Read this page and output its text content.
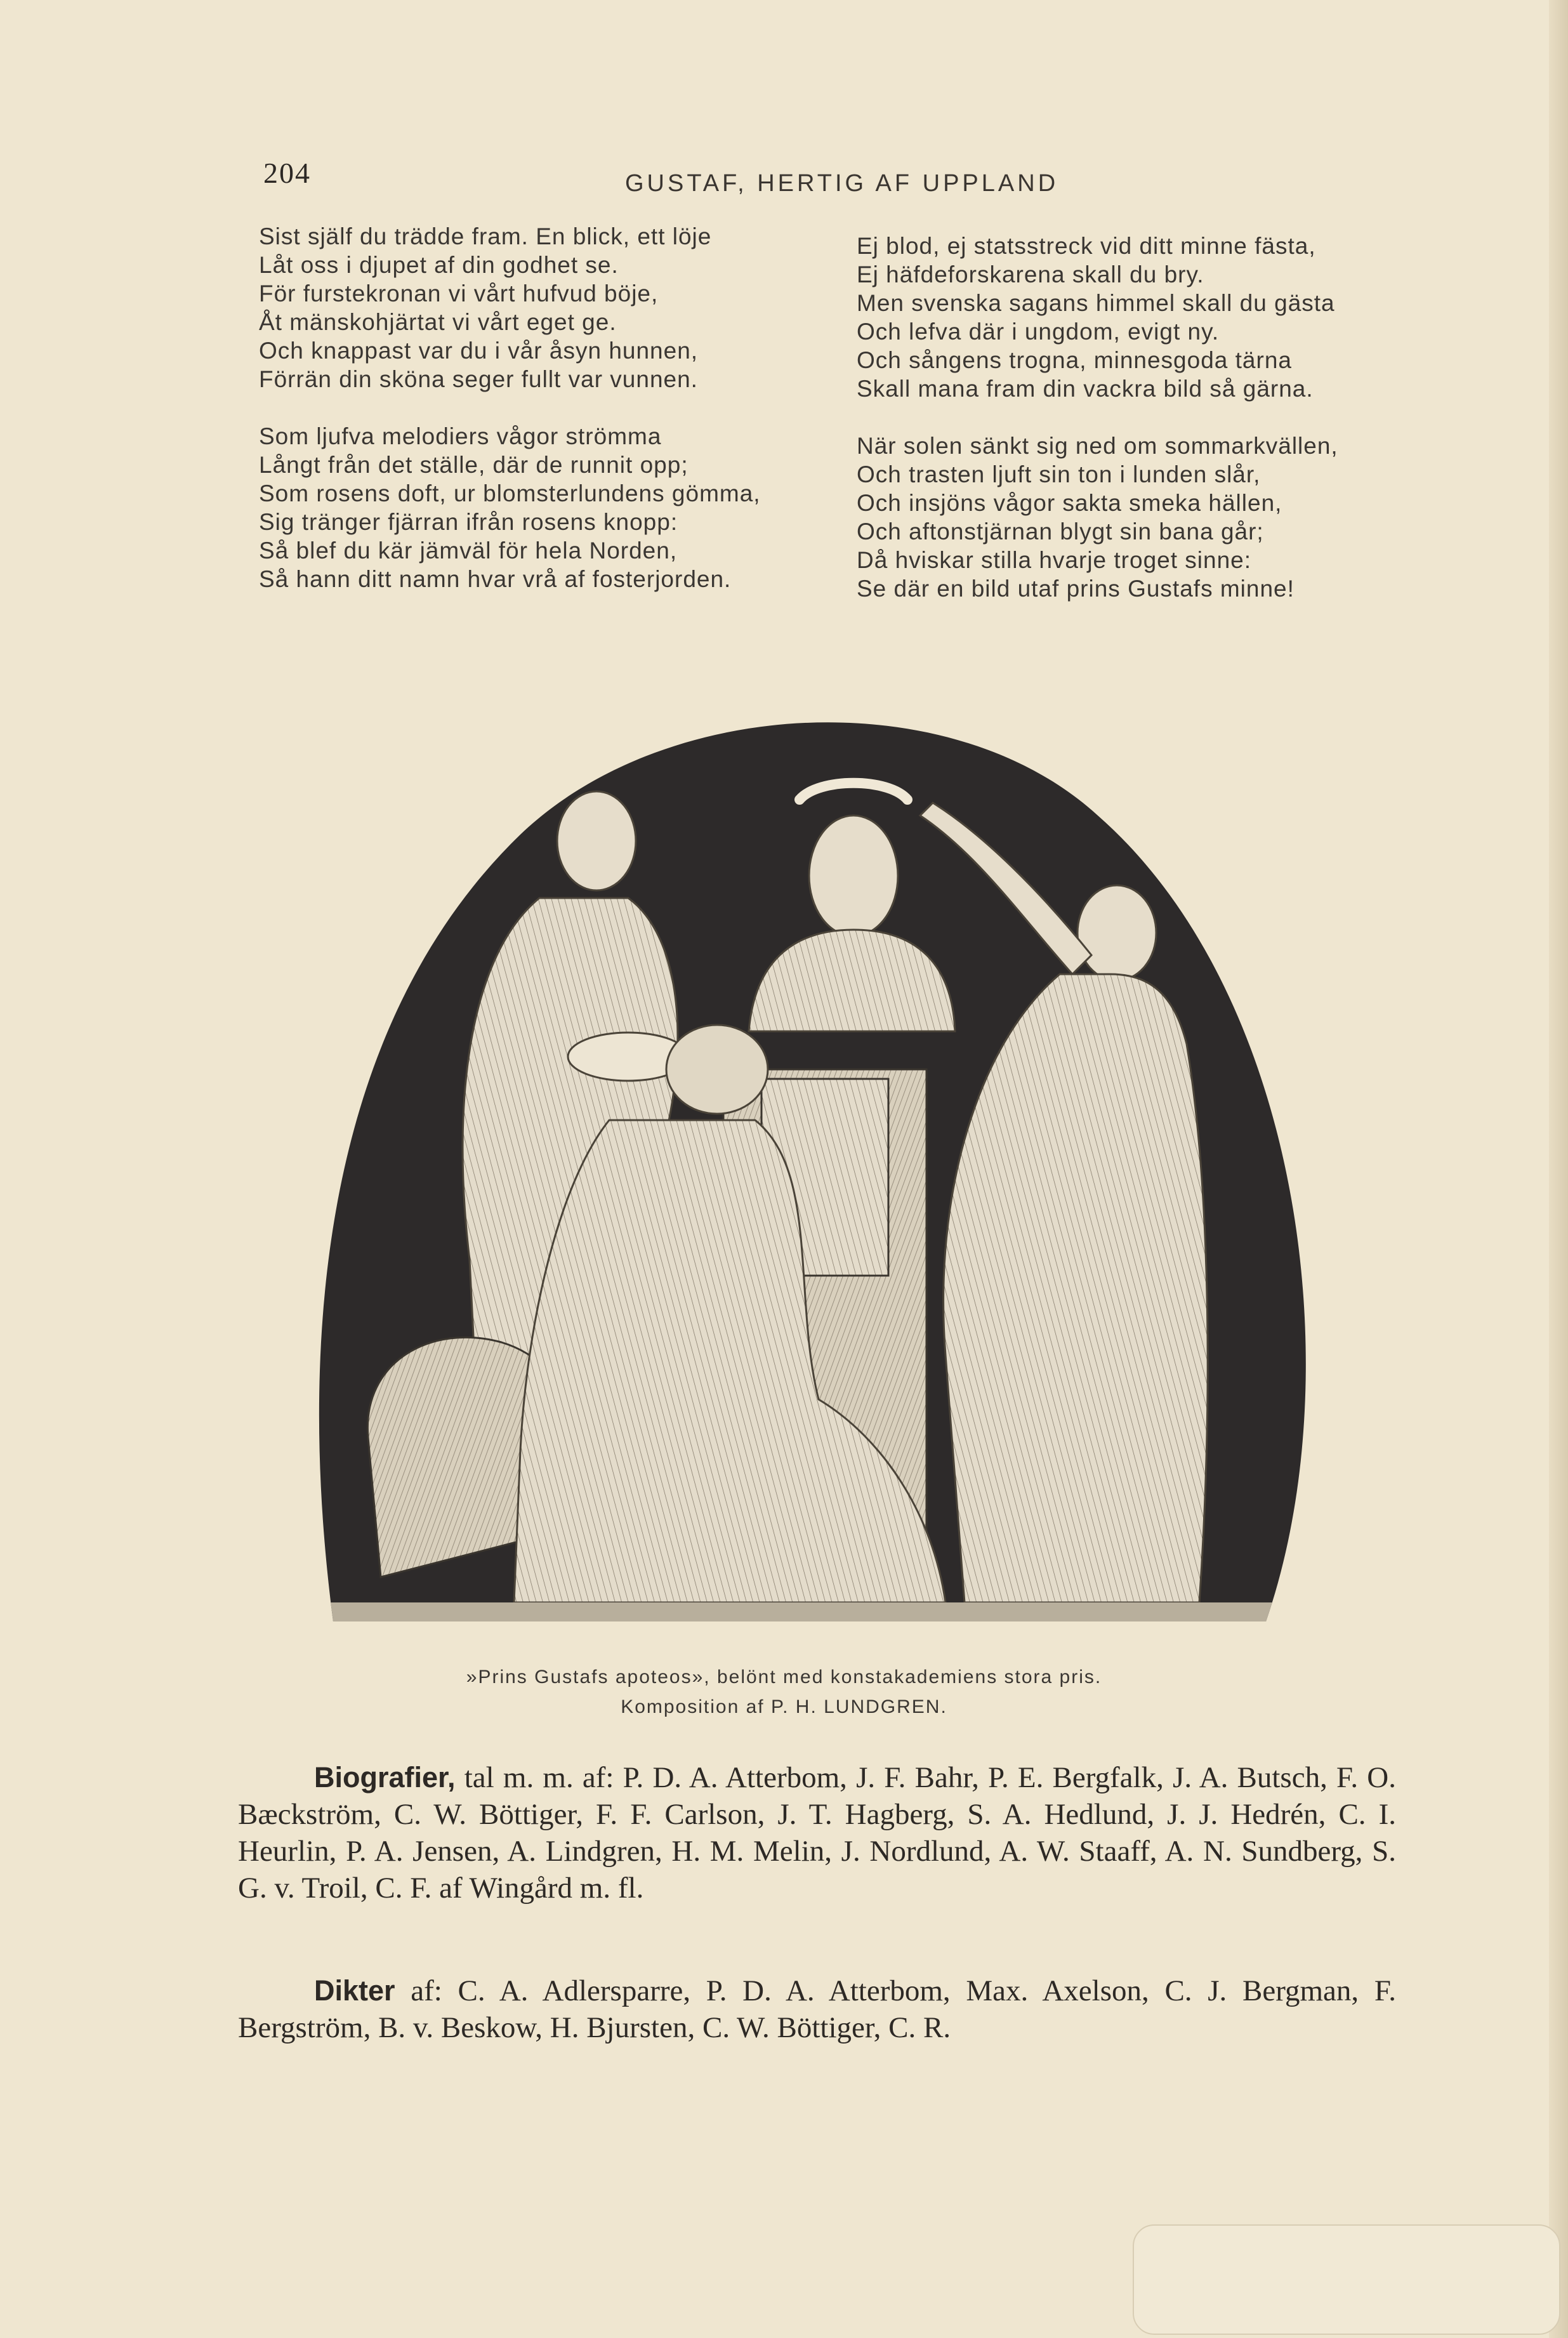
204	GUSTAF, HERTIG AF UPPLAND
Sist själf du trädde fram. En blick, ett löje
Låt oss i djupet af din godhet se.
För furstekronan vi vårt hufvud böje,
Åt mänskohjärtat vi vårt eget ge.
Och knappast var du i vår åsyn hunnen,
Förrän din sköna seger fullt var vunnen.
Som ljufva melodiers vågor strömma
Långt från det ställe, där de runnit opp;
Som rosens doft, ur blomsterlundens gömma,
Sig tränger fjärran ifrån rosens knopp:
Så blef du kär jämväl för hela Norden,
Så hann ditt namn hvar vrå af fosterjorden.
Ej blod, ej statsstreck vid ditt minne fästa,
Ej häfdeforskarena skall du bry.
Men svenska sagans himmel skall du gästa
Och lefva där i ungdom, evigt ny.
Och sångens trogna, minnesgoda tärna
Skall mana fram din vackra bild så gärna.
När solen sänkt sig ned om sommarkvällen,
Och trasten ljuft sin ton i lunden slår,
Och insjöns vågor sakta smeka hällen,
Och aftonstjärnan blygt sin bana går;
Då hviskar stilla hvarje troget sinne:
Se där en bild utaf prins Gustafs minne!
W.EIDENHAYN
»Prins Gustafs apoteos», belönt med konstakademiens stora pris.
Komposition af P. H. LUNDGREN.

Biografier, tal m. m. af: P. D. A. Atterbom, J. F. Bahr, P. E. Bergfalk, J. A. Butsch, F. O. Bæckström, C. W. Böttiger, F. F. Carlson, J. T. Hagberg, S. A. Hedlund, J. J. Hedrén, C. I. Heurlin, P. A. Jensen, A. Lindgren, H. M. Melin, J. Nordlund, A. W. Staaff, A. N. Sundberg, S. G. v. Troil, C. F. af Wingård m. fl.

Dikter af: C. A. Adlersparre, P. D. A. Atterbom, Max. Axelson, C. J. Bergman, F. Bergström, B. v. Beskow, H. Bjursten, C. W. Böttiger, C. R.
